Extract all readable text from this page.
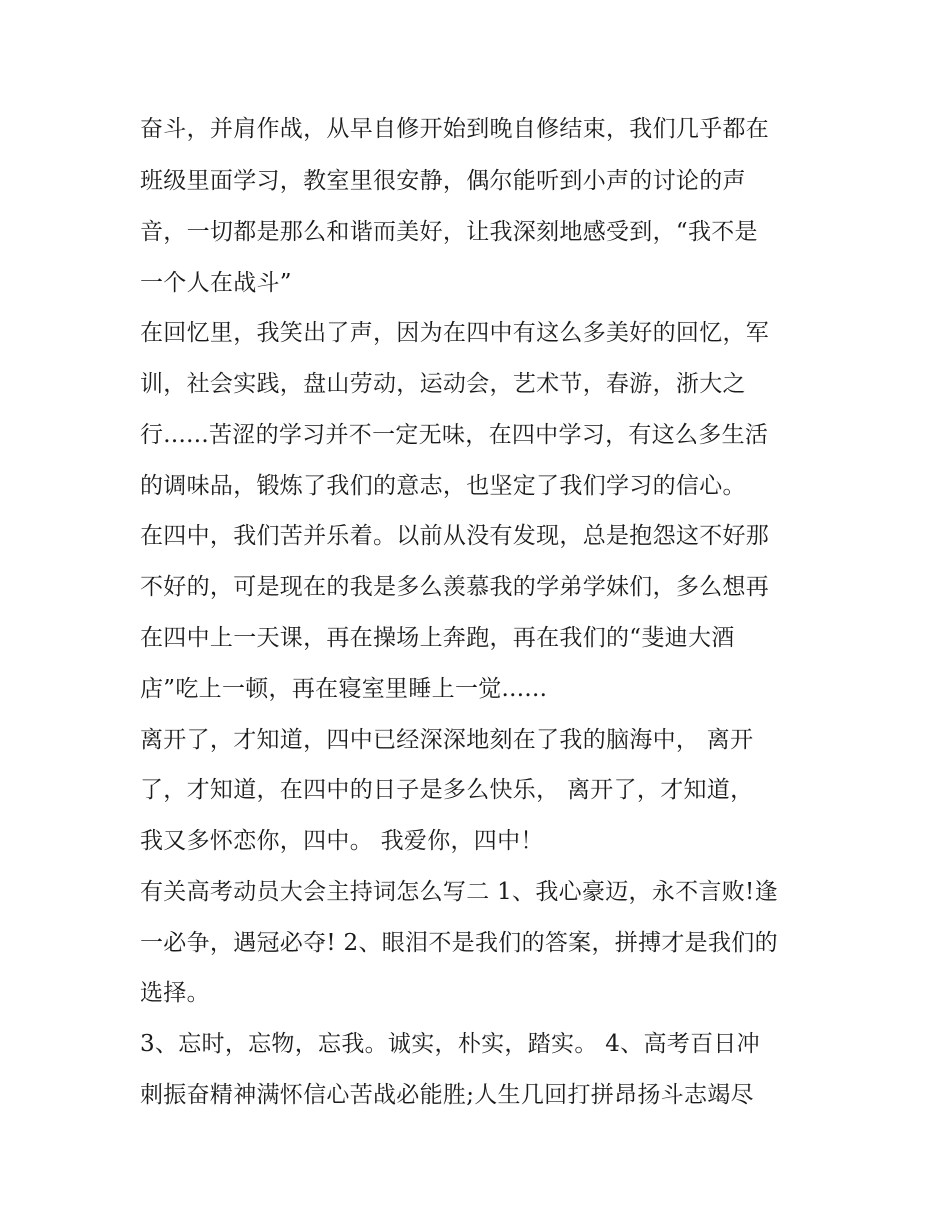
奋斗，并肩作战，从早自修开始到晚自修结束，我们几乎都在
班级里面学习，教室里很安静，偶尔能听到小声的讨论的声
音，一切都是那么和谐而美好，让我深刻地感受到，“我不是
一个人在战斗”
在回忆里，我笑出了声，因为在四中有这么多美好的回忆，军
训，社会实践，盘山劳动，运动会，艺术节，春游，浙大之
行......苦涩的学习并不一定无味，在四中学习，有这么多生活
的调味品，锻炼了我们的意志，也坚定了我们学习的信心。
在四中，我们苦并乐着。以前从没有发现，总是抱怨这不好那
不好的，可是现在的我是多么羡慕我的学弟学妹们，多么想再
在四中上一天课，再在操场上奔跑，再在我们的“斐迪大酒
店”吃上一顿，再在寝室里睡上一觉......
离开了，才知道，四中已经深深地刻在了我的脑海中， 离开
了，才知道，在四中的日子是多么快乐， 离开了，才知道，
我又多怀恋你，四中。 我爱你，四中！
有关高考动员大会主持词怎么写二 1、我心豪迈，永不言败!逢
一必争，遇冠必夺! 2、眼泪不是我们的答案，拼搏才是我们的
选择。
3、忘时，忘物，忘我。诚实，朴实，踏实。 4、高考百日冲
刺振奋精神满怀信心苦战必能胜;人生几回打拼昂扬斗志竭尽
